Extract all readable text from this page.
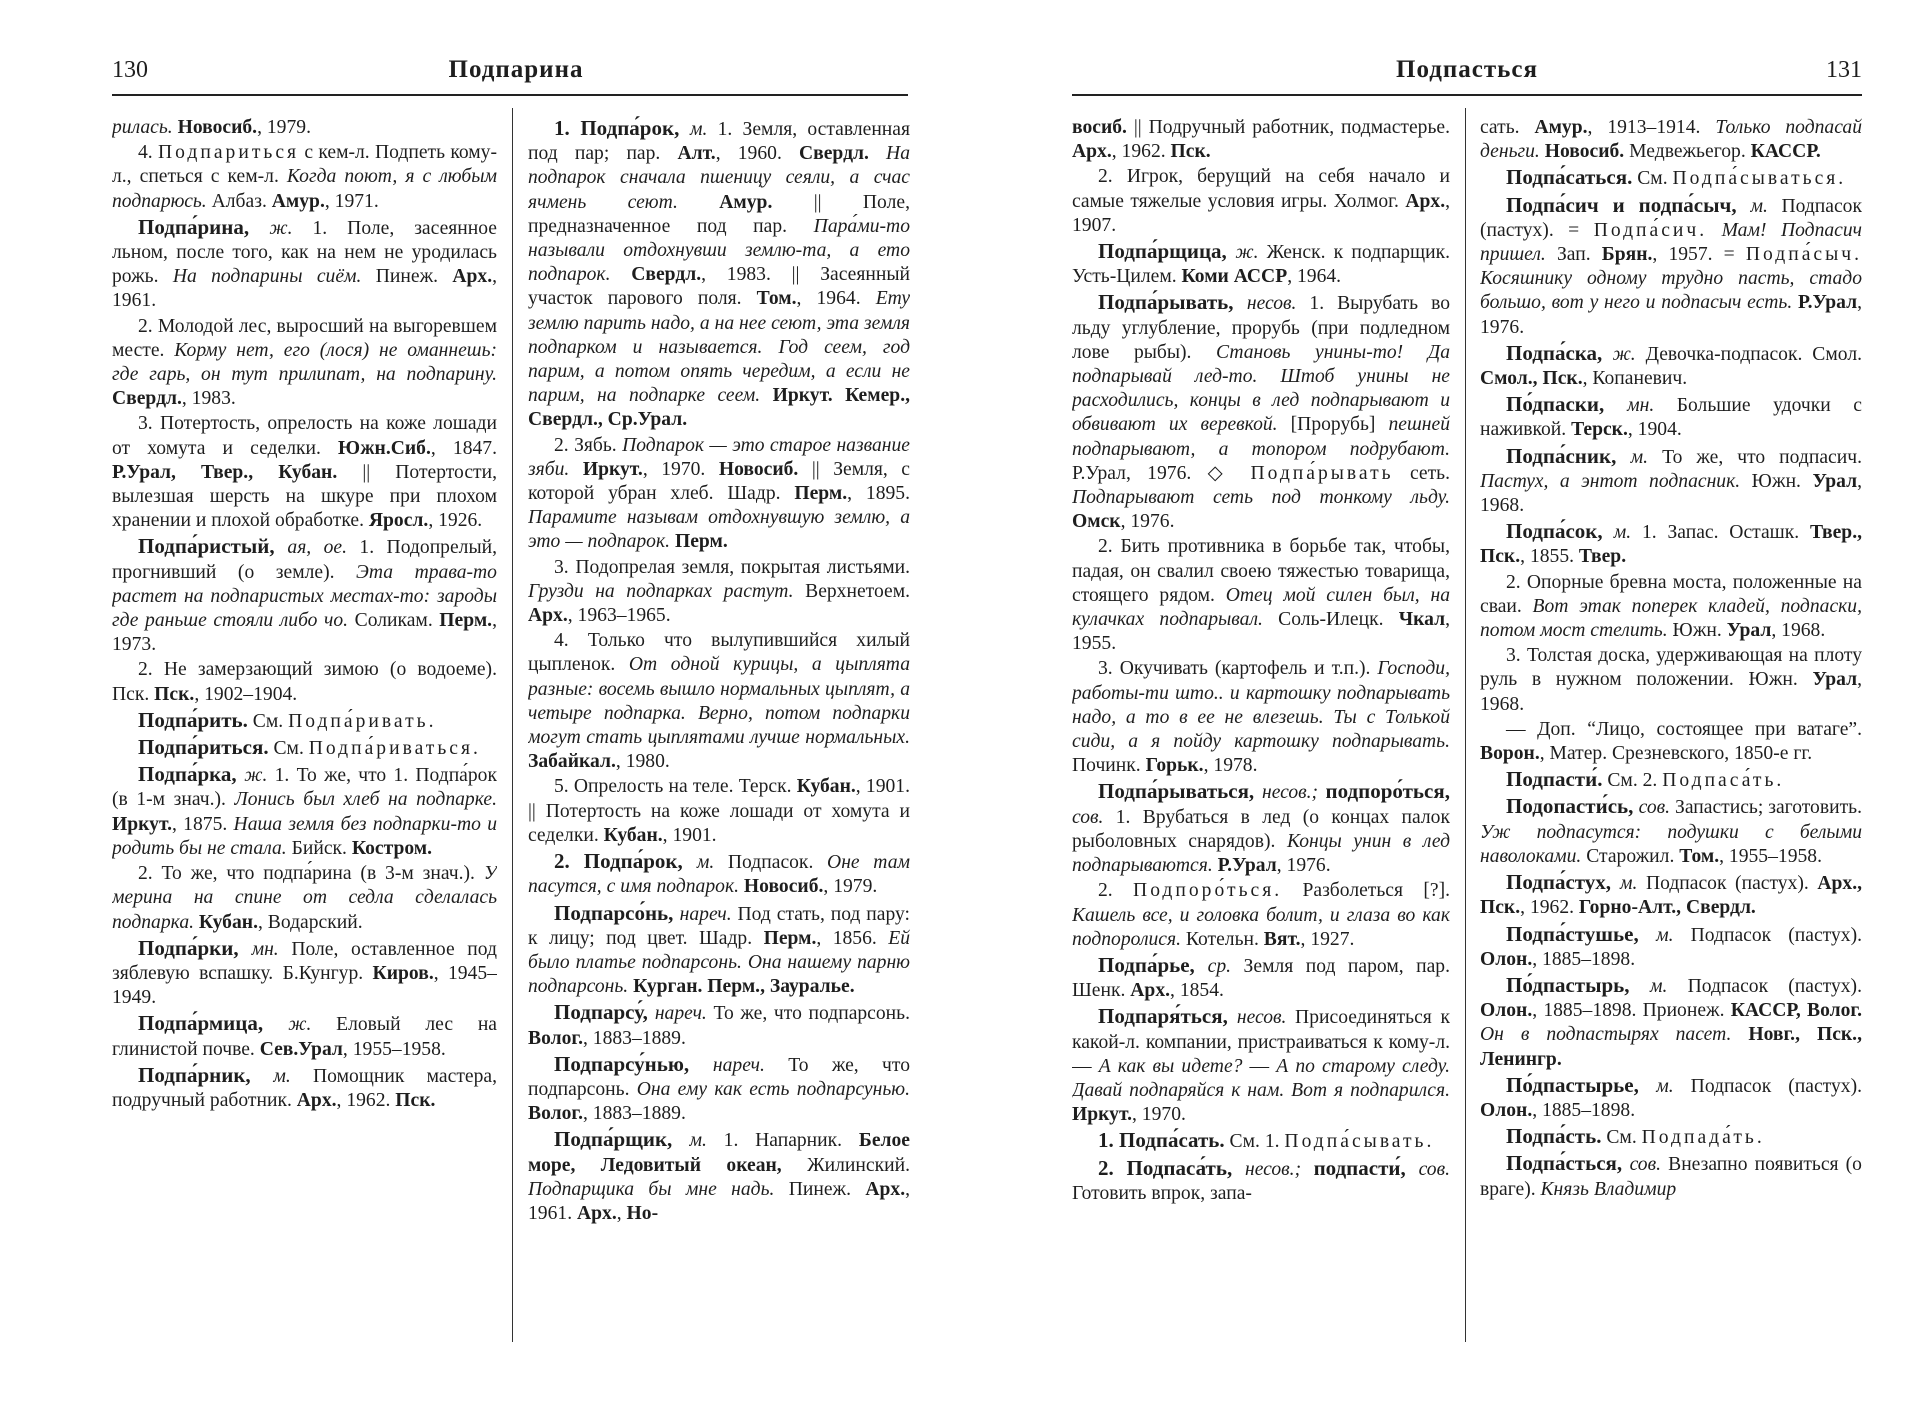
130	Подпарина

рилась. Новосиб., 1979.

4. Подпариться с кем-л. Подпеть кому-л., спеться с кем-л. Когда поют, я с любым подпарюсь. Албаз. Амур., 1971.

Подпа́рина, ж. 1. Поле, засеянное льном, после того, как на нем не уродилась рожь. На подпарины сиём. Пинеж. Арх., 1961.

2. Молодой лес, выросший на выгоревшем месте. Корму нет, его (лося) не оманнешь: где гарь, он тут прилипат, на подпарину. Свердл., 1983.

3. Потертость, опрелость на коже лошади от хомута и седелки. Южн.Сиб., 1847. Р.Урал, Твер., Кубан. || Потертости, вылезшая шерсть на шкуре при плохом хранении и плохой обработке. Яросл., 1926.

Подпа́ристый, ая, ое. 1. Подопрелый, прогнивший (о земле). Эта трава-то растет на подпаристых местах-то: зароды где раньше стояли либо чо. Соликам. Перм., 1973.

2. Не замерзающий зимою (о водоеме). Пск. Пск., 1902–1904.

Подпа́рить. См. Подпа́ривать.

Подпа́риться. См. Подпа́риваться.

Подпа́рка, ж. 1. То же, что 1. Подпа́рок (в 1-м знач.). Лонись был хлеб на подпарке. Иркут., 1875. Наша земля без подпарки-то и родить бы не стала. Бийск. Костром.

2. То же, что подпа́рина (в 3-м знач.). У мерина на спине от седла сделалась подпарка. Кубан., Водарский.

Подпа́рки, мн. Поле, оставленное под зяблевую вспашку. Б.Кунгур. Киров., 1945–1949.

Подпа́рмица, ж. Еловый лес на глинистой почве. Сев.Урал, 1955–1958.

Подпа́рник, м. Помощник мастера, подручный работник. Арх., 1962. Пск.

1. Подпа́рок, м. 1. Земля, оставленная под пар; пар. Алт., 1960. Свердл. На подпарок сначала пшеницу сеяли, а счас ячмень сеют. Амур. || Поле, предназначенное под пар. Пара́ми-то называли отдохнувши землю-та, а ето подпарок. Свердл., 1983. || Засеянный участок парового поля. Том., 1964. Ету землю парить надо, а на нее сеют, эта земля подпарком и называется. Год сеем, год парим, а потом опять чередим, а если не парим, на подпарке сеем. Иркут. Кемер., Свердл., Ср.Урал.

2. Зябь. Подпарок — это старое название зяби. Иркут., 1970. Новосиб. || Земля, с которой убран хлеб. Шадр. Перм., 1895. Парамите называм отдохнувшую землю, а это — подпарок. Перм.

3. Подопрелая земля, покрытая листьями. Грузди на подпарках растут. Верхнетоем. Арх., 1963–1965.

4. Только что вылупившийся хилый цыпленок. От одной курицы, а цыплята разные: восемь вышло нормальных цыплят, а четыре подпарка. Верно, потом подпарки могут стать цыплятами лучше нормальных. Забайкал., 1980.

5. Опрелость на теле. Терск. Кубан., 1901. || Потертость на коже лошади от хомута и седелки. Кубан., 1901.

2. Подпа́рок, м. Подпасок. Оне там пасутся, с имя подпарок. Новосиб., 1979.

Подпарсо́нь, нареч. Под стать, под пару: к лицу; под цвет. Шадр. Перм., 1856. Ей было платье подпарсонь. Она нашему парню подпарсонь. Курган. Перм., Зауралье.

Подпарсу́, нареч. То же, что подпарсонь. Волог., 1883–1889.

Подпарсу́нью, нареч. То же, что подпарсонь. Она ему как есть подпарсунью. Волог., 1883–1889.

Подпа́рщик, м. 1. Напарник. Белое море, Ледовитый океан, Жилинский. Подпарщика бы мне надь. Пинеж. Арх., 1961. Арх., Но-

Подпасться	131

восиб. || Подручный работник, подмастерье. Арх., 1962. Пск.

2. Игрок, берущий на себя начало и самые тяжелые условия игры. Холмог. Арх., 1907.

Подпа́рщица, ж. Женск. к подпарщик. Усть-Цилем. Коми АССР, 1964.

Подпа́рывать, несов. 1. Вырубать во льду углубление, прорубь (при подледном лове рыбы). Становь унины-то! Да подпарывай лед-то. Штоб унины не расходились, концы в лед подпарывают и обвивают их веревкой. [Прорубь] пешней подпарывают, а топором подрубают. Р.Урал, 1976. ◇ Подпа́рывать сеть. Подпарывают сеть под тонкому льду. Омск, 1976.

2. Бить противника в борьбе так, чтобы, падая, он свалил своею тяжестью товарища, стоящего рядом. Отец мой силен был, на кулачках подпарывал. Соль-Илецк. Чкал, 1955.

3. Окучивать (картофель и т.п.). Господи, работы-ти што.. и картошку подпарывать надо, а то в ее не влезешь. Ты с Толькой сиди, а я пойду картошку подпарывать. Починк. Горьк., 1978.

Подпа́рываться, несов.; подпоро́ться, сов. 1. Врубаться в лед (о концах палок рыболовных снарядов). Концы унин в лед подпарываются. Р.Урал, 1976.

2. Подпоро́ться. Разболеться [?]. Кашель все, и головка болит, и глаза во как подпоролися. Котельн. Вят., 1927.

Подпа́рье, ср. Земля под паром, пар. Шенк. Арх., 1854.

Подпаря́ться, несов. Присоединяться к какой-л. компании, пристраиваться к кому-л. — А как вы идете? — А по старому следу. Давай подпаряйся к нам. Вот я подпарился. Иркут., 1970.

1. Подпа́сать. См. 1. Подпа́сывать.

2. Подпаса́ть, несов.; подпасти́, сов. Готовить впрок, запа-

сать. Амур., 1913–1914. Только подпасай деньги. Новосиб. Медвежьегор. КАССР.

Подпа́саться. См. Подпа́сываться.

Подпа́сич и подпа́сыч, м. Подпасок (пастух). = Подпа́сич. Мам! Подпасич пришел. Зап. Брян., 1957. = Подпа́сыч. Косяшнику одному трудно пасть, стадо большо, вот у него и подпасыч есть. Р.Урал, 1976.

Подпа́ска, ж. Девочка-подпасок. Смол. Смол., Пск., Копаневич.

По́дпаски, мн. Большие удочки с наживкой. Терск., 1904.

Подпа́сник, м. То же, что подпасич. Пастух, а энтот подпасник. Южн. Урал, 1968.

Подпа́сок, м. 1. Запас. Осташк. Твер., Пск., 1855. Твер.

2. Опорные бревна моста, положенные на сваи. Вот этак поперек кладей, подпаски, потом мост стелить. Южн. Урал, 1968.

3. Толстая доска, удерживающая на плоту руль в нужном положении. Южн. Урал, 1968.

— Доп. “Лицо, состоящее при ватаге”. Ворон., Матер. Срезневского, 1850-е гг.

Подпасти́. См. 2. Подпаса́ть.

Подопасти́сь, сов. Запастись; заготовить. Уж подпасутся: подушки с белыми наволоками. Старожил. Том., 1955–1958.

Подпа́стух, м. Подпасок (пастух). Арх., Пск., 1962. Горно-Алт., Свердл.

Подпа́стушье, м. Подпасок (пастух). Олон., 1885–1898.

По́дпастырь, м. Подпасок (пастух). Олон., 1885–1898. Прионеж. КАССР, Волог. Он в подпастырях пасет. Новг., Пск., Ленингр.

По́дпастырье, м. Подпасок (пастух). Олон., 1885–1898.

Подпа́сть. См. Подпада́ть.

Подпа́стьcя, сов. Внезапно появиться (о враге). Князь Владимир
